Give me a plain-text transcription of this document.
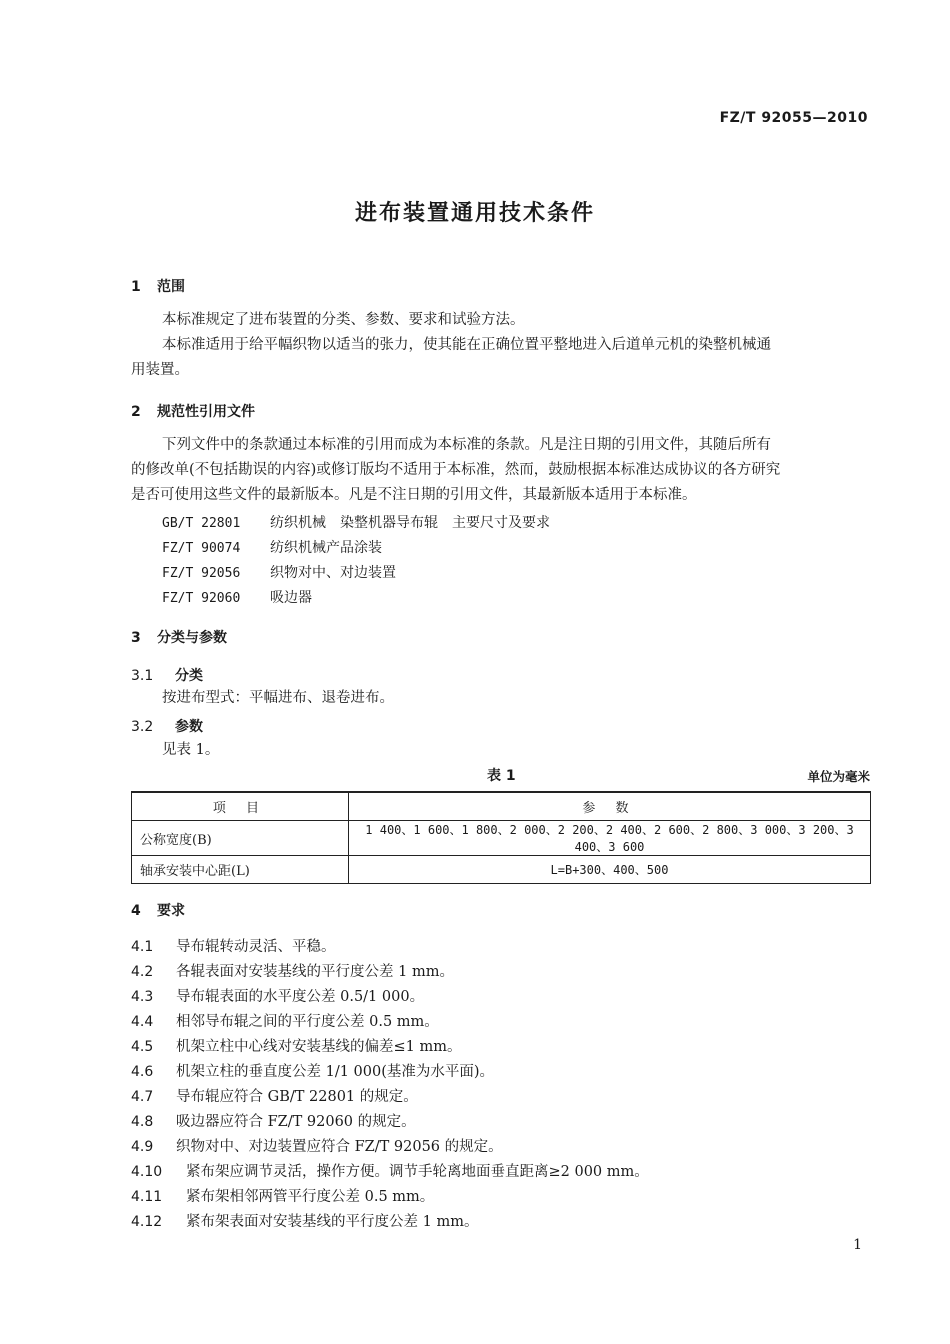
FZ/T 92055—2010
进布装置通用技术条件
1 范围
本标准规定了进布装置的分类、参数、要求和试验方法。
本标准适用于给平幅织物以适当的张力，使其能在正确位置平整地进入后道单元机的染整机械通
用装置。
2 规范性引用文件
下列文件中的条款通过本标准的引用而成为本标准的条款。凡是注日期的引用文件，其随后所有
的修改单(不包括勘误的内容)或修订版均不适用于本标准，然而，鼓励根据本标准达成协议的各方研究
是否可使用这些文件的最新版本。凡是不注日期的引用文件，其最新版本适用于本标准。
GB/T 22801 纺织机械　染整机器导布辊　主要尺寸及要求
FZ/T 90074 纺织机械产品涂装
FZ/T 92056 织物对中、对边装置
FZ/T 92060 吸边器
3 分类与参数
3.1 分类
按进布型式：平幅进布、退卷进布。
3.2 参数
见表 1。
表 1	单位为毫米
项 目	参 数
公称宽度(B)	1 400、1 600、1 800、2 000、2 200、2 400、2 600、2 800、3 000、3 200、3 400、3 600
轴承安装中心距(L)	L=B+300、400、500
4 要求
4.1 导布辊转动灵活、平稳。
4.2 各辊表面对安装基线的平行度公差 1 mm。
4.3 导布辊表面的水平度公差 0.5/1 000。
4.4 相邻导布辊之间的平行度公差 0.5 mm。
4.5 机架立柱中心线对安装基线的偏差≤1 mm。
4.6 机架立柱的垂直度公差 1/1 000(基准为水平面)。
4.7 导布辊应符合 GB/T 22801 的规定。
4.8 吸边器应符合 FZ/T 92060 的规定。
4.9 织物对中、对边装置应符合 FZ/T 92056 的规定。
4.10 紧布架应调节灵活，操作方便。调节手轮离地面垂直距离≥2 000 mm。
4.11 紧布架相邻两管平行度公差 0.5 mm。
4.12 紧布架表面对安装基线的平行度公差 1 mm。
1
